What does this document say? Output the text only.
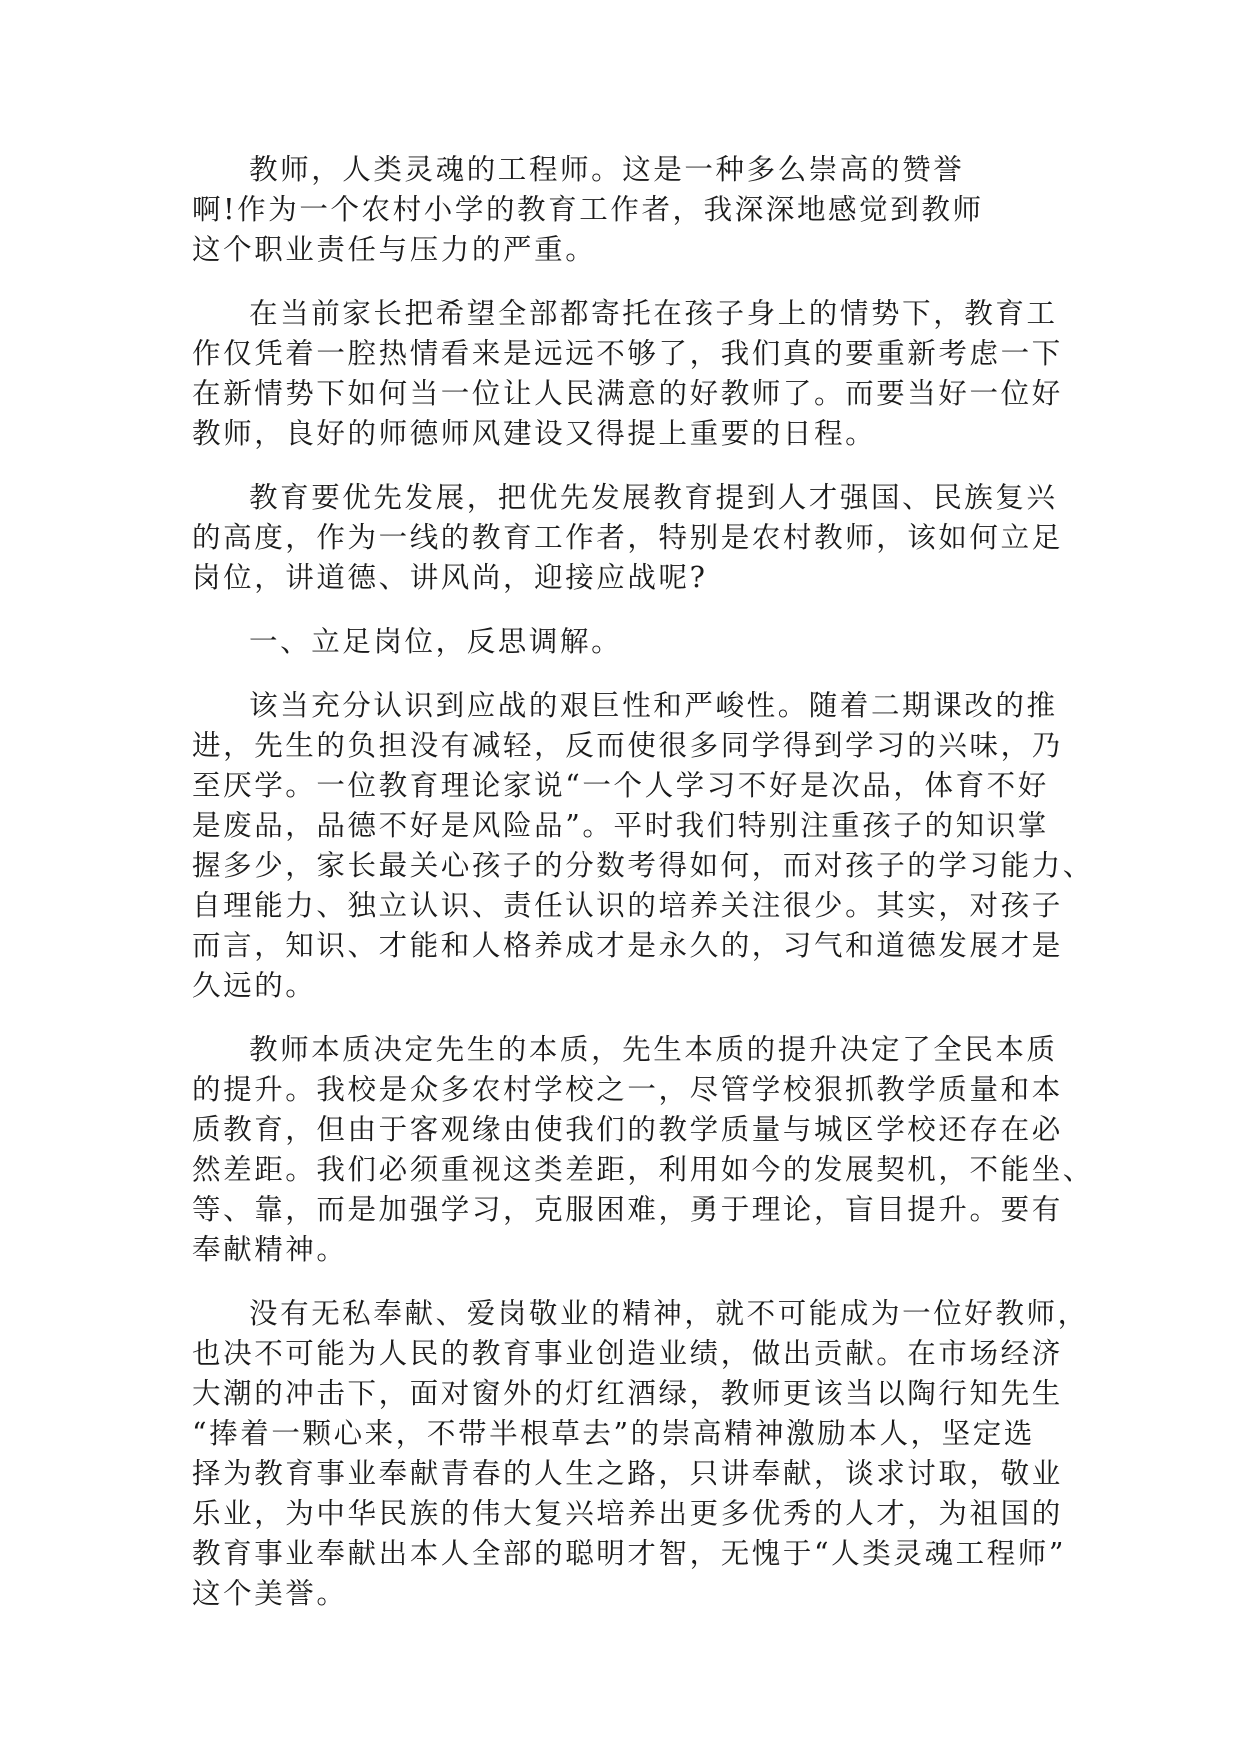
教师，人类灵魂的工程师。这是一种多么崇高的赞誉
啊!作为一个农村小学的教育工作者，我深深地感觉到教师
这个职业责任与压力的严重。
在当前家长把希望全部都寄托在孩子身上的情势下，教育工
作仅凭着一腔热情看来是远远不够了，我们真的要重新考虑一下
在新情势下如何当一位让人民满意的好教师了。而要当好一位好
教师，良好的师德师风建设又得提上重要的日程。
教育要优先发展，把优先发展教育提到人才强国、民族复兴
的高度，作为一线的教育工作者，特别是农村教师，该如何立足
岗位，讲道德、讲风尚，迎接应战呢?
一、立足岗位，反思调解。
该当充分认识到应战的艰巨性和严峻性。随着二期课改的推
进，先生的负担没有减轻，反而使很多同学得到学习的兴味，乃
至厌学。一位教育理论家说“一个人学习不好是次品，体育不好
是废品，品德不好是风险品”。平时我们特别注重孩子的知识掌
握多少，家长最关心孩子的分数考得如何，而对孩子的学习能力、
自理能力、独立认识、责任认识的培养关注很少。其实，对孩子
而言，知识、才能和人格养成才是永久的，习气和道德发展才是
久远的。
教师本质决定先生的本质，先生本质的提升决定了全民本质
的提升。我校是众多农村学校之一，尽管学校狠抓教学质量和本
质教育，但由于客观缘由使我们的教学质量与城区学校还存在必
然差距。我们必须重视这类差距，利用如今的发展契机，不能坐、
等、靠，而是加强学习，克服困难，勇于理论，盲目提升。要有
奉献精神。
没有无私奉献、爱岗敬业的精神，就不可能成为一位好教师，
也决不可能为人民的教育事业创造业绩，做出贡献。在市场经济
大潮的冲击下，面对窗外的灯红酒绿，教师更该当以陶行知先生
“捧着一颗心来，不带半根草去”的崇高精神激励本人，坚定选
择为教育事业奉献青春的人生之路，只讲奉献，谈求讨取，敬业
乐业，为中华民族的伟大复兴培养出更多优秀的人才，为祖国的
教育事业奉献出本人全部的聪明才智，无愧于“人类灵魂工程师”
这个美誉。
